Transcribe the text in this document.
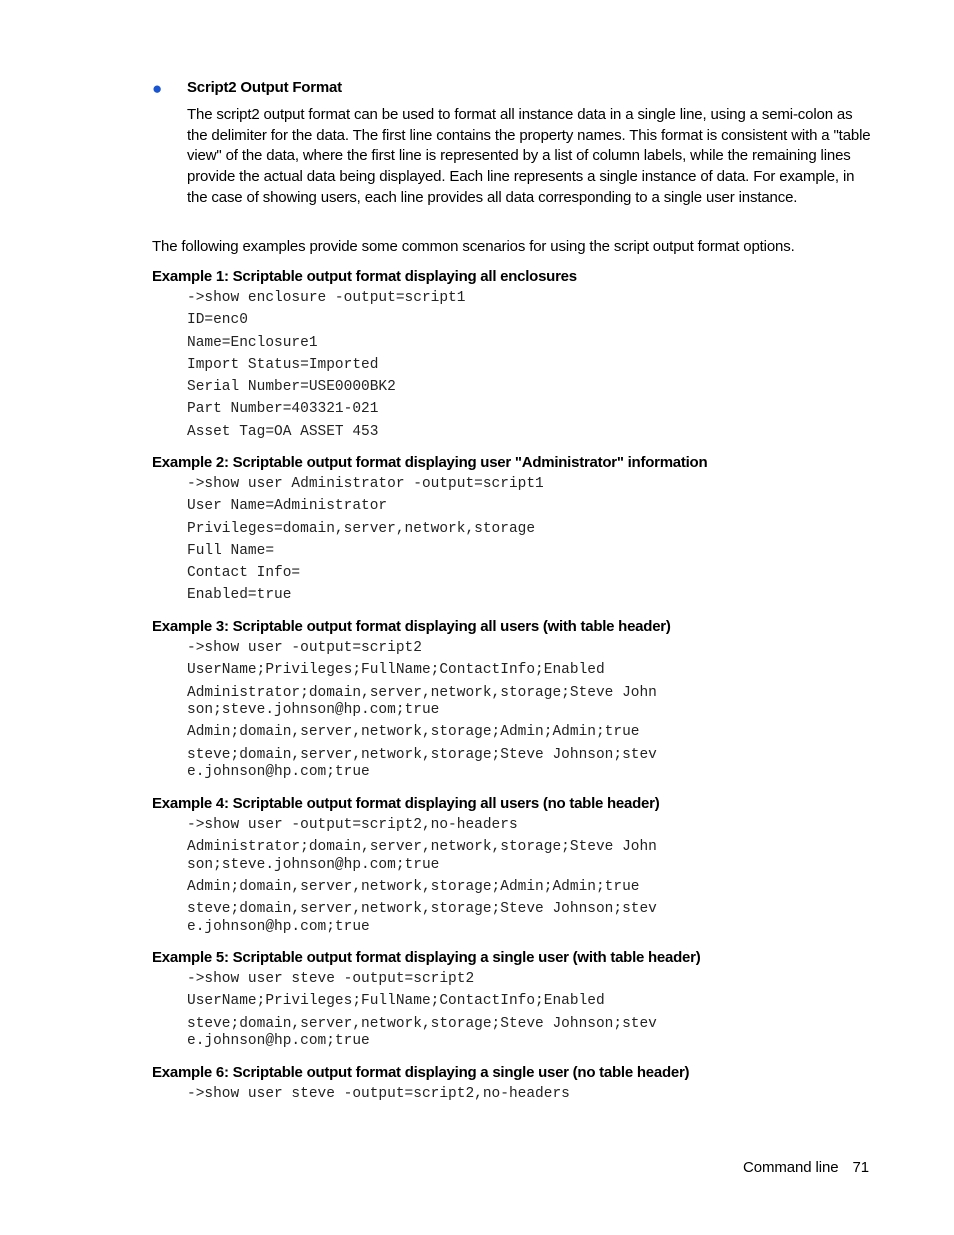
● Script2 Output Format
The script2 output format can be used to format all instance data in a single line, using a semi-colon as the delimiter for the data. The first line contains the property names. This format is consistent with a "table view" of the data, where the first line is represented by a list of column labels, while the remaining lines provide the actual data being displayed. Each line represents a single instance of data. For example, in the case of showing users, each line provides all data corresponding to a single user instance.
The following examples provide some common scenarios for using the script output format options.
Example 1: Scriptable output format displaying all enclosures
->show enclosure -output=script1
ID=enc0
Name=Enclosure1
Import Status=Imported
Serial Number=USE0000BK2
Part Number=403321-021
Asset Tag=OA ASSET 453
Example 2: Scriptable output format displaying user "Administrator" information
->show user Administrator -output=script1
User Name=Administrator
Privileges=domain,server,network,storage
Full Name=
Contact Info=
Enabled=true
Example 3: Scriptable output format displaying all users (with table header)
->show user -output=script2
UserName;Privileges;FullName;ContactInfo;Enabled
Administrator;domain,server,network,storage;Steve Johnson;steve.johnson@hp.com;true
Admin;domain,server,network,storage;Admin;Admin;true
steve;domain,server,network,storage;Steve Johnson;steve.johnson@hp.com;true
Example 4: Scriptable output format displaying all users (no table header)
->show user -output=script2,no-headers
Administrator;domain,server,network,storage;Steve Johnson;steve.johnson@hp.com;true
Admin;domain,server,network,storage;Admin;Admin;true
steve;domain,server,network,storage;Steve Johnson;steve.johnson@hp.com;true
Example 5: Scriptable output format displaying a single user (with table header)
->show user steve -output=script2
UserName;Privileges;FullName;ContactInfo;Enabled
steve;domain,server,network,storage;Steve Johnson;steve.johnson@hp.com;true
Example 6: Scriptable output format displaying a single user (no table header)
->show user steve -output=script2,no-headers
Command line 71
